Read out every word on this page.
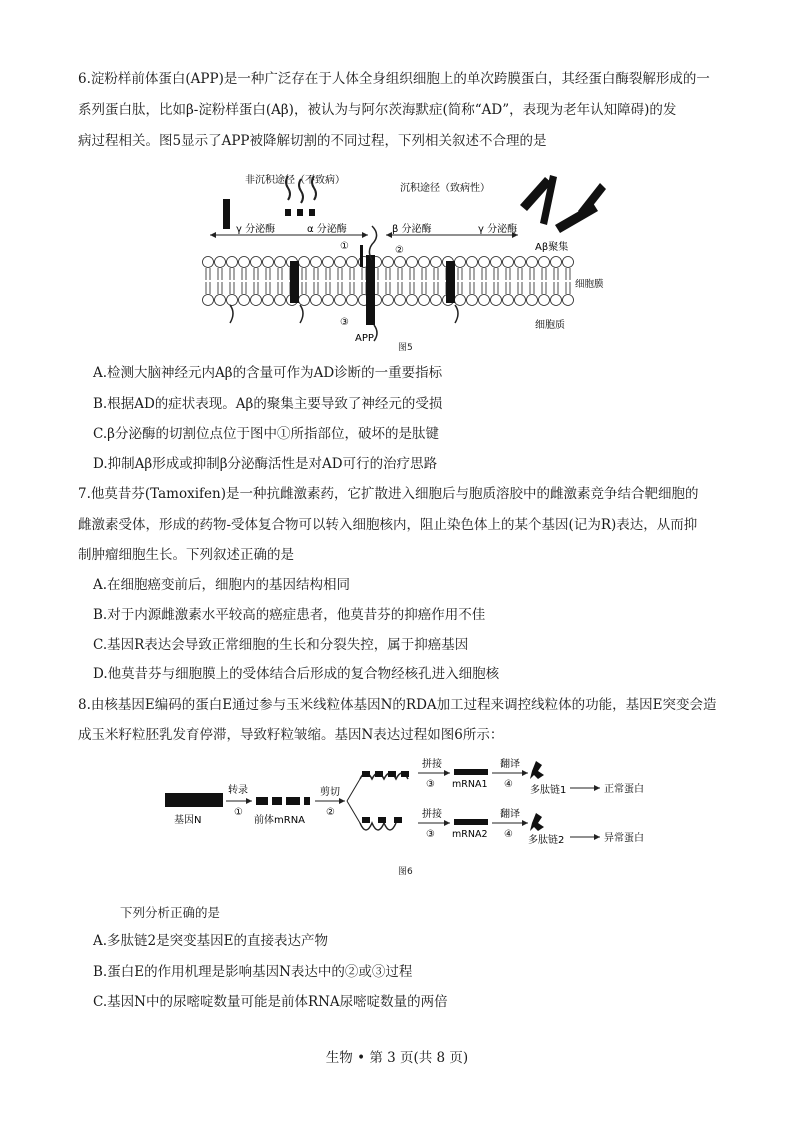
6.淀粉样前体蛋白(APP)是一种广泛存在于人体全身组织细胞上的单次跨膜蛋白，其经蛋白酶裂解形成的一
系列蛋白肽，比如β-淀粉样蛋白(Aβ)，被认为与阿尔茨海默症(简称“AD”，表现为老年认知障碍)的发
病过程相关。图5显示了APP被降解切割的不同过程，下列相关叙述不合理的是
非沉积途径（不致病）
沉积途径（致病性）
γ 分泌酶	α 分泌酶	β 分泌酶	γ 分泌酶
①	②	Aβ聚集
细胞膜
细胞质
③
APP
图5
A.检测大脑神经元内Aβ的含量可作为AD诊断的一重要指标
B.根据AD的症状表现。Aβ的聚集主要导致了神经元的受损
C.β分泌酶的切割位点位于图中①所指部位，破坏的是肽键
D.抑制Aβ形成或抑制β分泌酶活性是对AD可行的治疗思路
7.他莫昔芬(Tamoxifen)是一种抗雌激素药，它扩散进入细胞后与胞质溶胶中的雌激素竞争结合靶细胞的
雌激素受体，形成的药物-受体复合物可以转入细胞核内，阻止染色体上的某个基因(记为R)表达，从而抑
制肿瘤细胞生长。下列叙述正确的是
A.在细胞癌变前后，细胞内的基因结构相同
B.对于内源雌激素水平较高的癌症患者，他莫昔芬的抑癌作用不佳
C.基因R表达会导致正常细胞的生长和分裂失控，属于抑癌基因
D.他莫昔芬与细胞膜上的受体结合后形成的复合物经核孔进入细胞核
8.由核基因E编码的蛋白E通过参与玉米线粒体基因N的RDA加工过程来调控线粒体的功能，基因E突变会造
成玉米籽粒胚乳发育停滞，导致籽粒皱缩。基因N表达过程如图6所示：
基因N
转录
①
前体mRNA
剪切
②
拼接
③ mRNA1
翻译
④
多肽链1	正常蛋白
拼接
③ mRNA2
翻译
④
多肽链2	异常蛋白
图6
下列分析正确的是
A.多肽链2是突变基因E的直接表达产物
B.蛋白E的作用机理是影响基因N表达中的②或③过程
C.基因N中的尿嘧啶数量可能是前体RNA尿嘧啶数量的两倍
生物 • 第 3 页(共 8 页)
